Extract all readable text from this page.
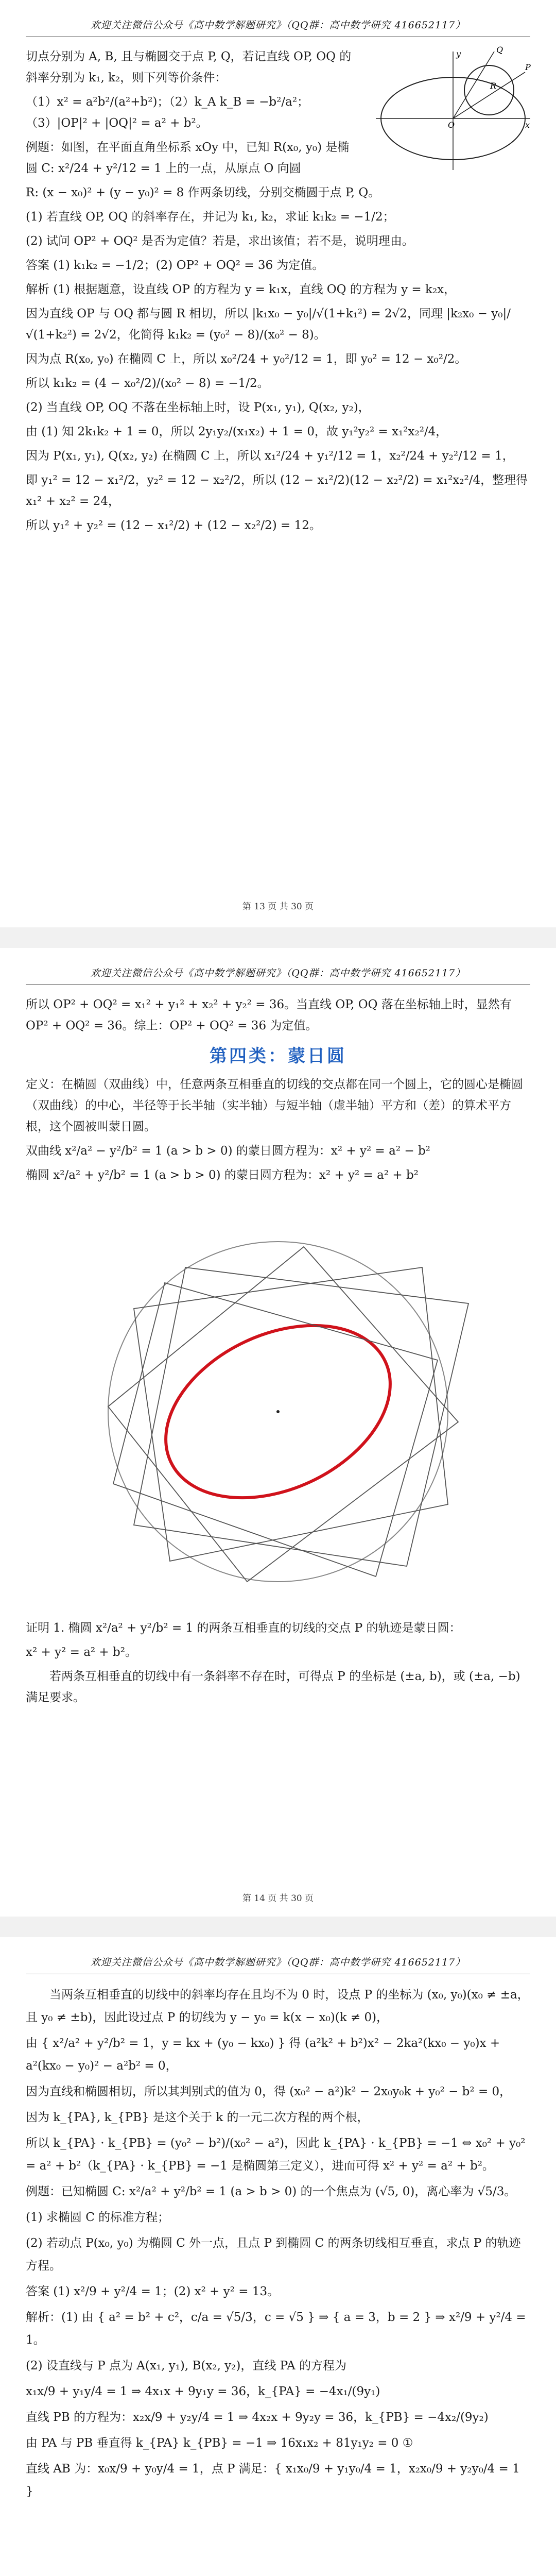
欢迎关注微信公众号《高中数学解题研究》（QQ群：高中数学研究 416652117）

切点分别为 A, B, 且与椭圆交于点 P, Q，若记直线 OP, OQ 的斜率分别为 k₁, k₂，则下列等价条件：

（1）x² = a²b²/(a²+b²)；（2）k_A k_B = −b²/a²；（3）|OP|² + |OQ|² = a² + b²。

例题：如图，在平面直角坐标系 xOy 中，已知 R(x₀, y₀) 是椭圆 C: x²/24 + y²/12 = 1 上的一点，从原点 O 向圆

R: (x − x₀)² + (y − y₀)² = 8 作两条切线，分别交椭圆于点 P, Q。

(1) 若直线 OP, OQ 的斜率存在，并记为 k₁, k₂，求证 k₁k₂ = −1/2；

(2) 试问 OP² + OQ² 是否为定值？若是，求出该值；若不是，说明理由。

答案 (1) k₁k₂ = −1/2；(2) OP² + OQ² = 36 为定值。

解析 (1) 根据题意，设直线 OP 的方程为 y = k₁x，直线 OQ 的方程为 y = k₂x，

因为直线 OP 与 OQ 都与圆 R 相切，所以 |k₁x₀ − y₀|/√(1+k₁²) = 2√2，同理 |k₂x₀ − y₀|/√(1+k₂²) = 2√2，化简得 k₁k₂ = (y₀² − 8)/(x₀² − 8)。

因为点 R(x₀, y₀) 在椭圆 C 上，所以 x₀²/24 + y₀²/12 = 1，即 y₀² = 12 − x₀²/2。

所以 k₁k₂ = (4 − x₀²/2)/(x₀² − 8) = −1/2。

(2) 当直线 OP, OQ 不落在坐标轴上时，设 P(x₁, y₁), Q(x₂, y₂)，

由 (1) 知 2k₁k₂ + 1 = 0，所以 2y₁y₂/(x₁x₂) + 1 = 0，故 y₁²y₂² = x₁²x₂²/4，

因为 P(x₁, y₁), Q(x₂, y₂) 在椭圆 C 上，所以 x₁²/24 + y₁²/12 = 1，x₂²/24 + y₂²/12 = 1，

即 y₁² = 12 − x₁²/2，y₂² = 12 − x₂²/2，所以 (12 − x₁²/2)(12 − x₂²/2) = x₁²x₂²/4，整理得 x₁² + x₂² = 24，

所以 y₁² + y₂² = (12 − x₁²/2) + (12 − x₂²/2) = 12。

O
R
P
Q
x
y
第 13 页 共 30 页
欢迎关注微信公众号《高中数学解题研究》（QQ群：高中数学研究 416652117）

所以 OP² + OQ² = x₁² + y₁² + x₂² + y₂² = 36。当直线 OP, OQ 落在坐标轴上时，显然有 OP² + OQ² = 36。综上：OP² + OQ² = 36 为定值。

第四类：蒙日圆

定义：在椭圆（双曲线）中，任意两条互相垂直的切线的交点都在同一个圆上，它的圆心是椭圆（双曲线）的中心，半径等于长半轴（实半轴）与短半轴（虚半轴）平方和（差）的算术平方根，这个圆被叫蒙日圆。

双曲线 x²/a² − y²/b² = 1 (a > b > 0) 的蒙日圆方程为：x² + y² = a² − b²

椭圆 x²/a² + y²/b² = 1 (a > b > 0) 的蒙日圆方程为：x² + y² = a² + b²

证明 1. 椭圆 x²/a² + y²/b² = 1 的两条互相垂直的切线的交点 P 的轨迹是蒙日圆：

x² + y² = a² + b²。

若两条互相垂直的切线中有一条斜率不存在时，可得点 P 的坐标是 (±a, b)，或 (±a, −b) 满足要求。

第 14 页 共 30 页
欢迎关注微信公众号《高中数学解题研究》（QQ群：高中数学研究 416652117）

当两条互相垂直的切线中的斜率均存在且均不为 0 时，设点 P 的坐标为 (x₀, y₀)(x₀ ≠ ±a，且 y₀ ≠ ±b)，因此设过点 P 的切线为 y − y₀ = k(x − x₀)(k ≠ 0)，

由 { x²/a² + y²/b² = 1，y = kx + (y₀ − kx₀) } 得 (a²k² + b²)x² − 2ka²(kx₀ − y₀)x + a²(kx₀ − y₀)² − a²b² = 0，

因为直线和椭圆相切，所以其判别式的值为 0，得 (x₀² − a²)k² − 2x₀y₀k + y₀² − b² = 0，

因为 k_{PA}, k_{PB} 是这个关于 k 的一元二次方程的两个根，

所以 k_{PA} · k_{PB} = (y₀² − b²)/(x₀² − a²)，因此 k_{PA} · k_{PB} = −1 ⇔ x₀² + y₀² = a² + b²（k_{PA} · k_{PB} = −1 是椭圆第三定义），进而可得 x² + y² = a² + b²。

例题：已知椭圆 C: x²/a² + y²/b² = 1 (a > b > 0) 的一个焦点为 (√5, 0)，离心率为 √5/3。

(1) 求椭圆 C 的标准方程；

(2) 若动点 P(x₀, y₀) 为椭圆 C 外一点，且点 P 到椭圆 C 的两条切线相互垂直，求点 P 的轨迹方程。

答案 (1) x²/9 + y²/4 = 1；(2) x² + y² = 13。

解析：(1) 由 { a² = b² + c²，c/a = √5/3，c = √5 } ⇒ { a = 3，b = 2 } ⇒ x²/9 + y²/4 = 1。

(2) 设直线与 P 点为 A(x₁, y₁), B(x₂, y₂)，直线 PA 的方程为

x₁x/9 + y₁y/4 = 1 ⇒ 4x₁x + 9y₁y = 36，k_{PA} = −4x₁/(9y₁)

直线 PB 的方程为：x₂x/9 + y₂y/4 = 1 ⇒ 4x₂x + 9y₂y = 36，k_{PB} = −4x₂/(9y₂)

由 PA 与 PB 垂直得 k_{PA} k_{PB} = −1 ⇒ 16x₁x₂ + 81y₁y₂ = 0 ①

直线 AB 为：x₀x/9 + y₀y/4 = 1，点 P 满足：{ x₁x₀/9 + y₁y₀/4 = 1，x₂x₀/9 + y₂y₀/4 = 1 }
